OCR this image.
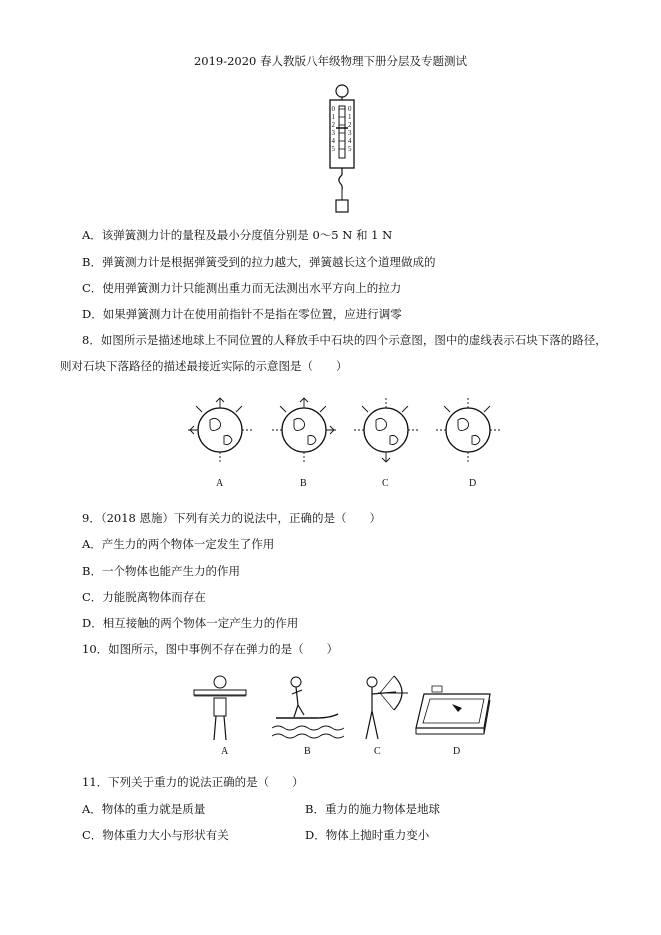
2019-2020 春人教版八年级物理下册分层及专题测试
0
1
2
3
4
5
0
1
2
3
4
5
A．该弹簧测力计的量程及最小分度值分别是 0～5 N 和 1 N
B．弹簧测力计是根据弹簧受到的拉力越大，弹簧越长这个道理做成的
C．使用弹簧测力计只能测出重力而无法测出水平方向上的拉力
D．如果弹簧测力计在使用前指针不是指在零位置，应进行调零
8．如图所示是描述地球上不同位置的人释放手中石块的四个示意图，图中的虚线表示石块下落的路径，
则对石块下落路径的描述最接近实际的示意图是（　　）
A	B	C	D
9．（2018 恩施）下列有关力的说法中，正确的是（　　）
A．产生力的两个物体一定发生了作用
B．一个物体也能产生力的作用
C．力能脱离物体而存在
D．相互接触的两个物体一定产生力的作用
10．如图所示，图中事例不存在弹力的是（　　）
A	B	C	D
11．下列关于重力的说法正确的是（　　）
A．物体的重力就是质量	B．重力的施力物体是地球
C．物体重力大小与形状有关	D．物体上抛时重力变小
